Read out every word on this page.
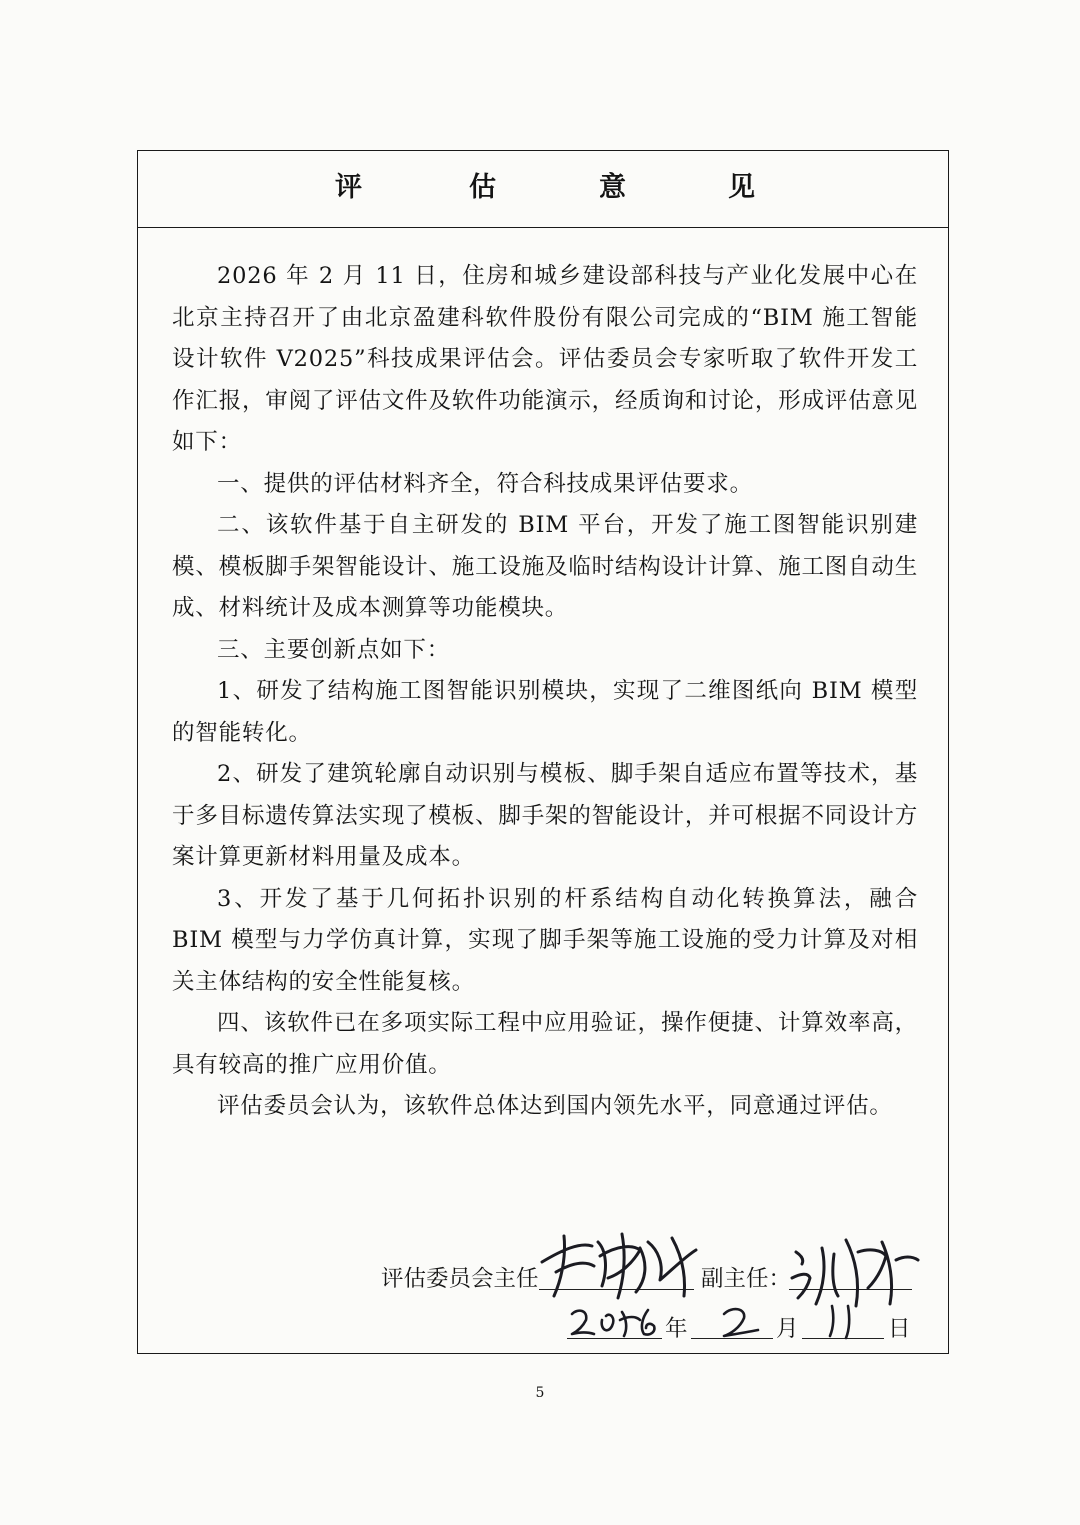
评	估	意	见

2026 年 2 月 11 日，住房和城乡建设部科技与产业化发展中心在北京主持召开了由北京盈建科软件股份有限公司完成的“BIM 施工智能设计软件 V2025”科技成果评估会。评估委员会专家听取了软件开发工作汇报，审阅了评估文件及软件功能演示，经质询和讨论，形成评估意见如下：

一、提供的评估材料齐全，符合科技成果评估要求。

二、该软件基于自主研发的 BIM 平台，开发了施工图智能识别建模、模板脚手架智能设计、施工设施及临时结构设计计算、施工图自动生成、材料统计及成本测算等功能模块。

三、主要创新点如下：

1、研发了结构施工图智能识别模块，实现了二维图纸向 BIM 模型的智能转化。

2、研发了建筑轮廓自动识别与模板、脚手架自适应布置等技术，基于多目标遗传算法实现了模板、脚手架的智能设计，并可根据不同设计方案计算更新材料用量及成本。

3、开发了基于几何拓扑识别的杆系结构自动化转换算法，融合 BIM 模型与力学仿真计算，实现了脚手架等施工设施的受力计算及对相关主体结构的安全性能复核。

四、该软件已在多项实际工程中应用验证，操作便捷、计算效率高，具有较高的推广应用价值。

评估委员会认为，该软件总体达到国内领先水平，同意通过评估。

评估委员会主任	副主任：
年	月	日
5
